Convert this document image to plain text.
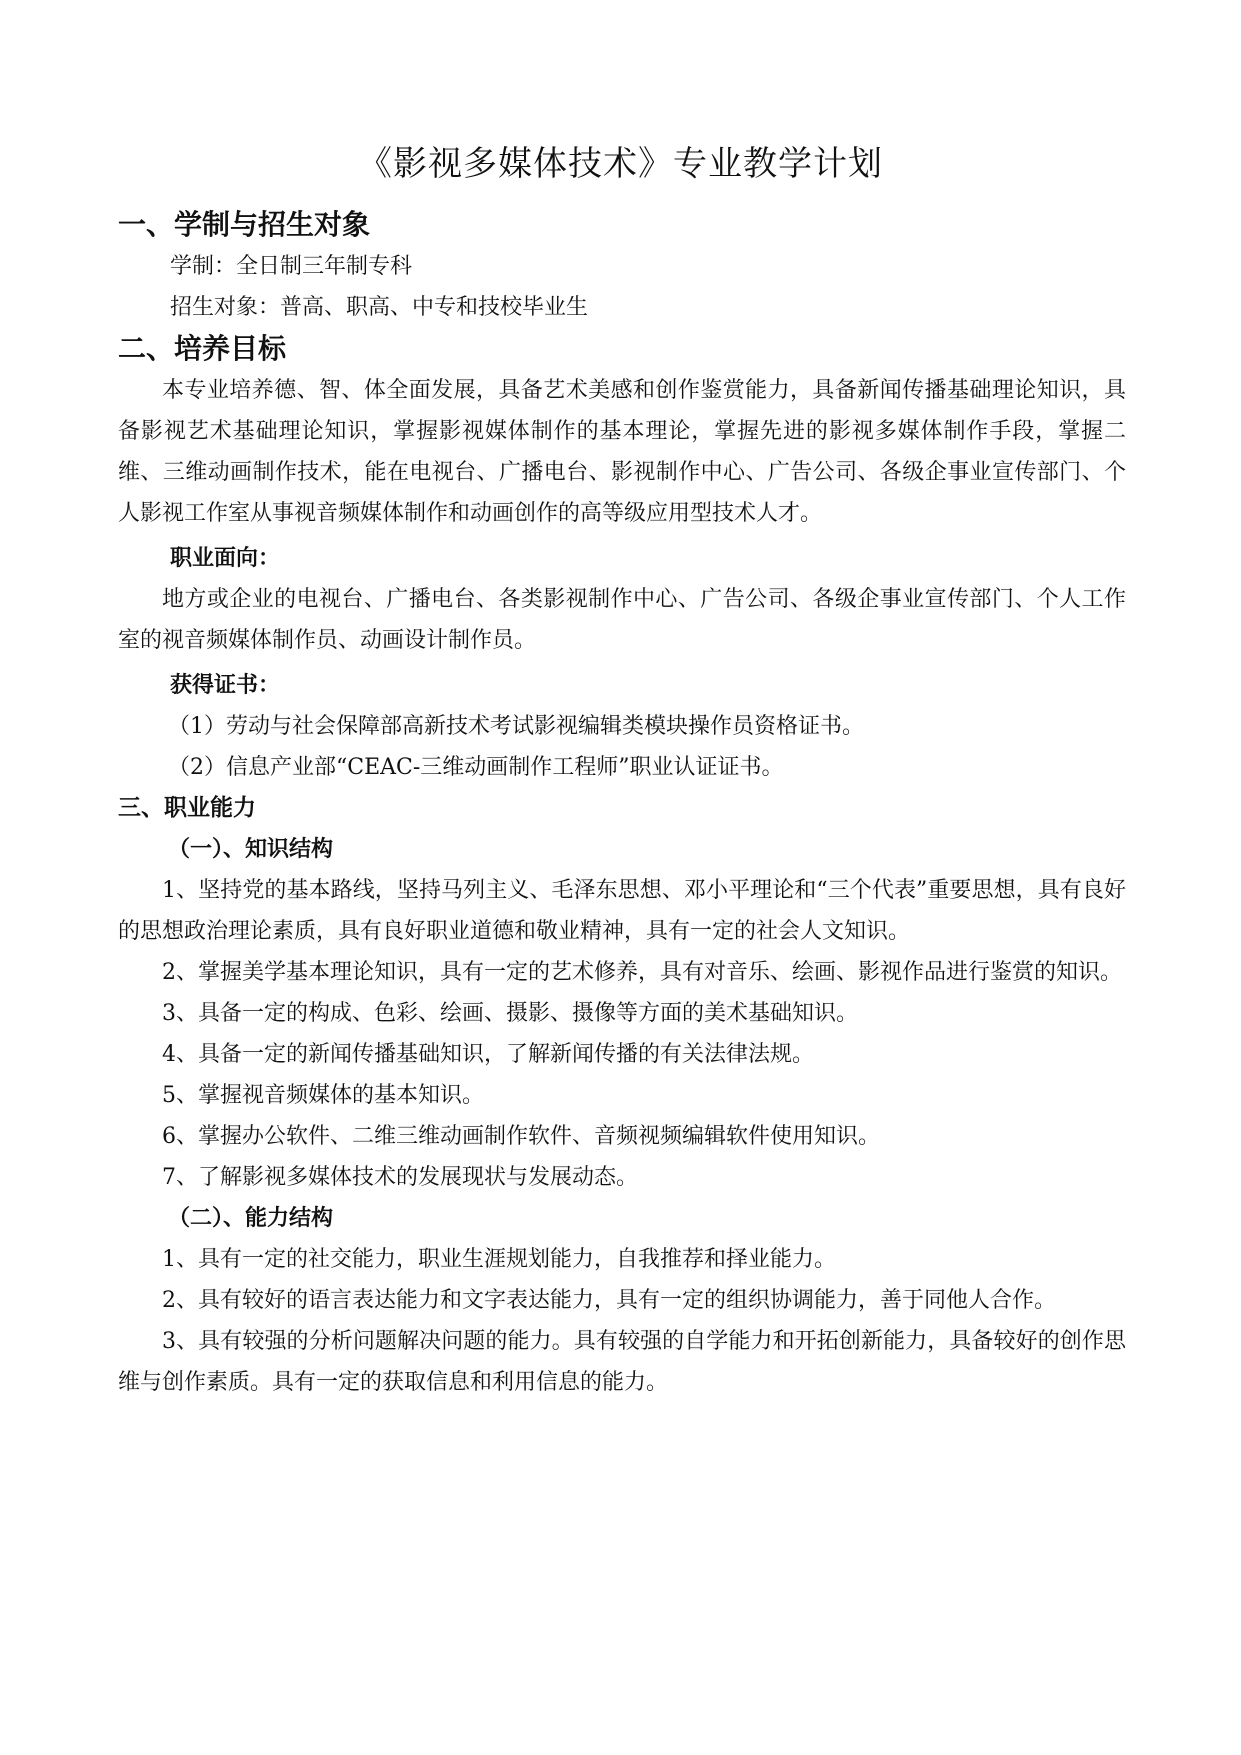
《影视多媒体技术》专业教学计划
一、学制与招生对象
学制：全日制三年制专科
招生对象：普高、职高、中专和技校毕业生
二、培养目标
本专业培养德、智、体全面发展，具备艺术美感和创作鉴赏能力，具备新闻传播基础理论知识，具备影视艺术基础理论知识，掌握影视媒体制作的基本理论，掌握先进的影视多媒体制作手段，掌握二维、三维动画制作技术，能在电视台、广播电台、影视制作中心、广告公司、各级企事业宣传部门、个人影视工作室从事视音频媒体制作和动画创作的高等级应用型技术人才。
职业面向：
地方或企业的电视台、广播电台、各类影视制作中心、广告公司、各级企事业宣传部门、个人工作室的视音频媒体制作员、动画设计制作员。
获得证书：
（1）劳动与社会保障部高新技术考试影视编辑类模块操作员资格证书。
（2）信息产业部“CEAC-三维动画制作工程师”职业认证证书。
三、职业能力
（一）、知识结构
1、坚持党的基本路线，坚持马列主义、毛泽东思想、邓小平理论和“三个代表”重要思想，具有良好的思想政治理论素质，具有良好职业道德和敬业精神，具有一定的社会人文知识。
2、掌握美学基本理论知识，具有一定的艺术修养，具有对音乐、绘画、影视作品进行鉴赏的知识。
3、具备一定的构成、色彩、绘画、摄影、摄像等方面的美术基础知识。
4、具备一定的新闻传播基础知识，了解新闻传播的有关法律法规。
5、掌握视音频媒体的基本知识。
6、掌握办公软件、二维三维动画制作软件、音频视频编辑软件使用知识。
7、了解影视多媒体技术的发展现状与发展动态。
（二）、能力结构
1、具有一定的社交能力，职业生涯规划能力，自我推荐和择业能力。
2、具有较好的语言表达能力和文字表达能力，具有一定的组织协调能力，善于同他人合作。
3、具有较强的分析问题解决问题的能力。具有较强的自学能力和开拓创新能力，具备较好的创作思维与创作素质。具有一定的获取信息和利用信息的能力。
